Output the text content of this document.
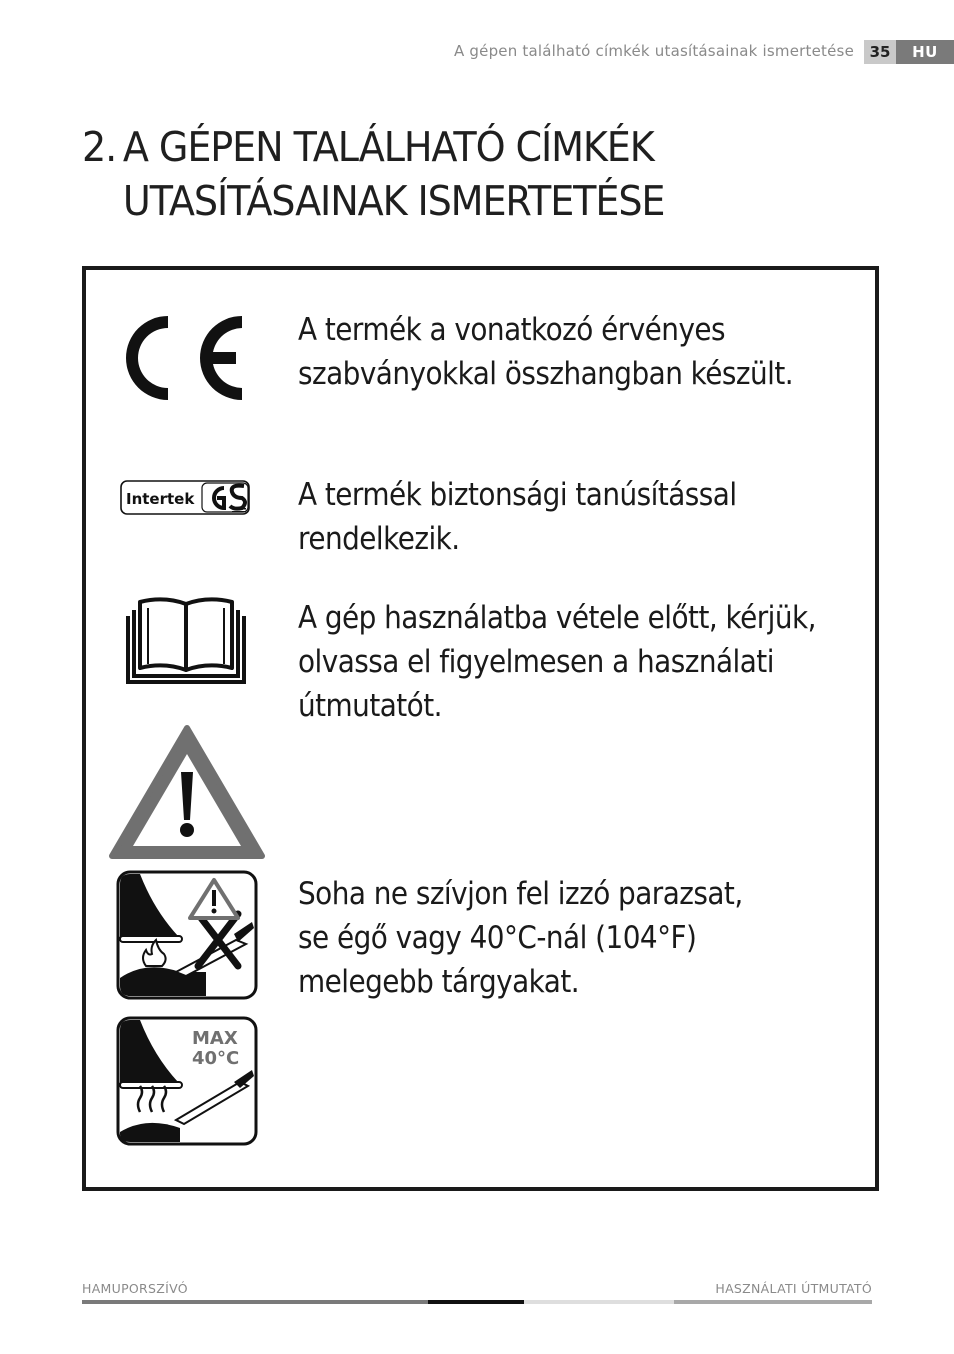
A gépen található címkék utasításainak ismertetése	35	HU
2. A GÉPEN TALÁLHATÓ CÍMKÉK
UTASÍTÁSAINAK ISMERTETÉSE
A termék a vonatkozó érvényes
szabványokkal összhangban készült.
Intertek	A termék biztonsági tanúsítással
rendelkezik.
A gép használatba vétele előtt, kérjük,
olvassa el figyelmesen a használati
útmutatót.
Soha ne szívjon fel izzó parazsat,
se égő vagy 40°C-nál (104°F)
melegebb tárgyakat.
MAX
40°C
HAMUPORSZÍVÓ	HASZNÁLATI ÚTMUTATÓ
